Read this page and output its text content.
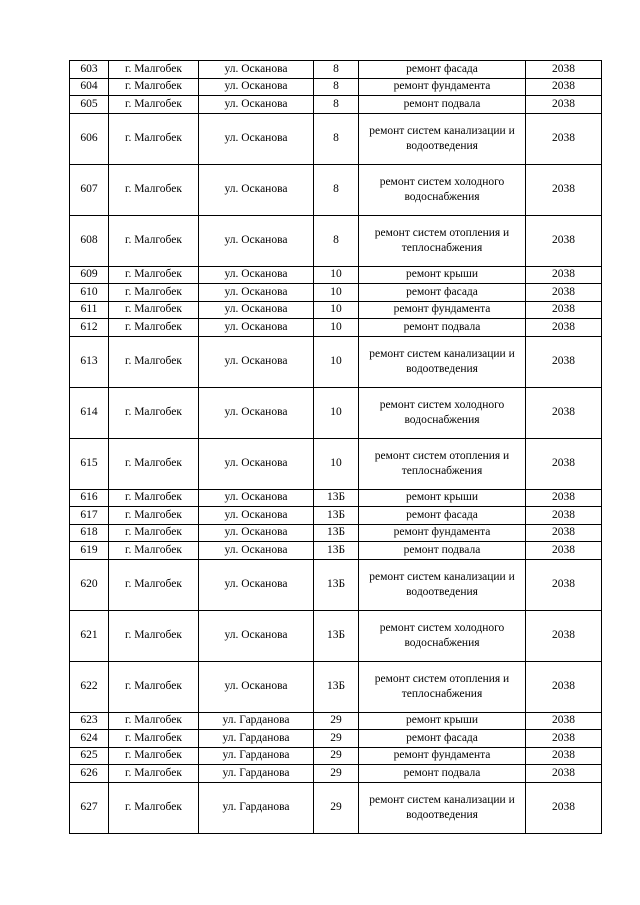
603	г. Малгобек	ул. Осканова	8	ремонт фасада	2038
604	г. Малгобек	ул. Осканова	8	ремонт фундамента	2038
605	г. Малгобек	ул. Осканова	8	ремонт подвала	2038
606	г. Малгобек	ул. Осканова	8	ремонт систем канализации и водоотведения	2038
607	г. Малгобек	ул. Осканова	8	ремонт систем холодного водоснабжения	2038
608	г. Малгобек	ул. Осканова	8	ремонт систем отопления и теплоснабжения	2038
609	г. Малгобек	ул. Осканова	10	ремонт крыши	2038
610	г. Малгобек	ул. Осканова	10	ремонт фасада	2038
611	г. Малгобек	ул. Осканова	10	ремонт фундамента	2038
612	г. Малгобек	ул. Осканова	10	ремонт подвала	2038
613	г. Малгобек	ул. Осканова	10	ремонт систем канализации и водоотведения	2038
614	г. Малгобек	ул. Осканова	10	ремонт систем холодного водоснабжения	2038
615	г. Малгобек	ул. Осканова	10	ремонт систем отопления и теплоснабжения	2038
616	г. Малгобек	ул. Осканова	13Б	ремонт крыши	2038
617	г. Малгобек	ул. Осканова	13Б	ремонт фасада	2038
618	г. Малгобек	ул. Осканова	13Б	ремонт фундамента	2038
619	г. Малгобек	ул. Осканова	13Б	ремонт подвала	2038
620	г. Малгобек	ул. Осканова	13Б	ремонт систем канализации и водоотведения	2038
621	г. Малгобек	ул. Осканова	13Б	ремонт систем холодного водоснабжения	2038
622	г. Малгобек	ул. Осканова	13Б	ремонт систем отопления и теплоснабжения	2038
623	г. Малгобек	ул. Гарданова	29	ремонт крыши	2038
624	г. Малгобек	ул. Гарданова	29	ремонт фасада	2038
625	г. Малгобек	ул. Гарданова	29	ремонт фундамента	2038
626	г. Малгобек	ул. Гарданова	29	ремонт подвала	2038
627	г. Малгобек	ул. Гарданова	29	ремонт систем канализации и водоотведения	2038
